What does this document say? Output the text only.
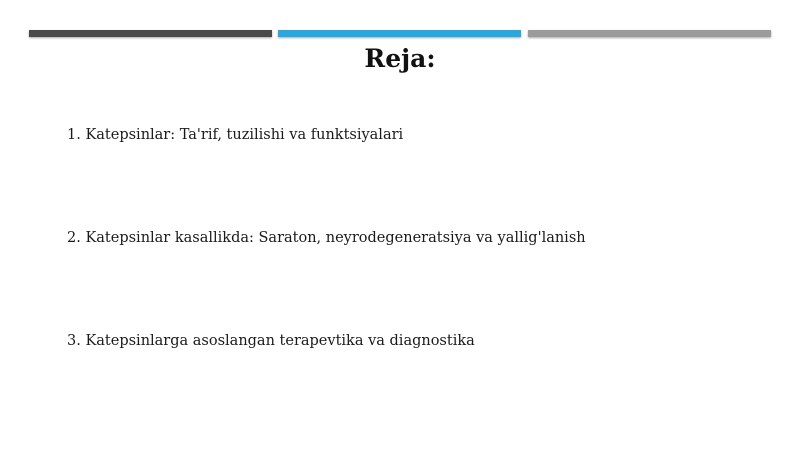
Reja:
1. Katepsinlar: Ta'rif, tuzilishi va funktsiyalari
2. Katepsinlar kasallikda: Saraton, neyrodegeneratsiya va yallig'lanish
3. Katepsinlarga asoslangan terapevtika va diagnostika
